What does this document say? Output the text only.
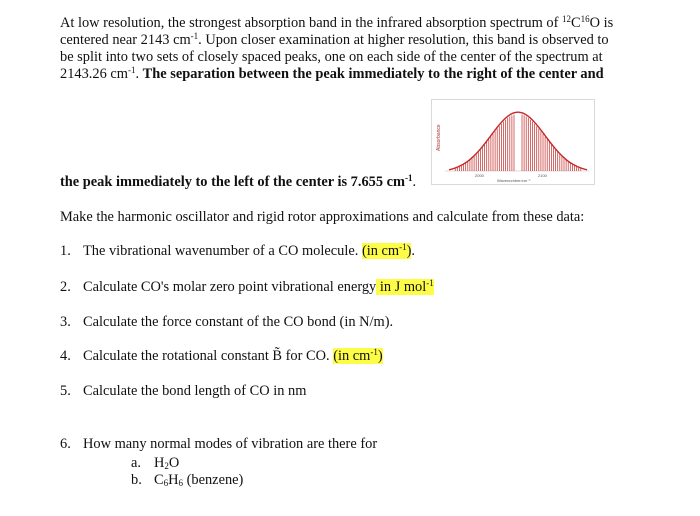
At low resolution, the strongest absorption band in the infrared absorption spectrum of $^{12}C^{16}O$ is
centered near 2143 $cm^{-1}$. Upon closer examination at higher resolution, this band is observed to
be split into two sets of closely spaced peaks, one on each side of the center of the spectrum at
2143.26 $cm^{-1}$. The separation between the peak immediately to the right of the center and
Absorbance
2000	2100
Wavenumber/cm⁻¹
the peak immediately to the left of the center is 7.655 $cm^{-1}$.
Make the harmonic oscillator and rigid rotor approximations and calculate from these data:
1. The vibrational wavenumber of a CO molecule. (in $cm^{-1}$).
2. Calculate CO's molar zero point vibrational energy in J mol$^{-1}$
3. Calculate the force constant of the CO bond (in N/m).
4. Calculate the rotational constant B for CO. (in $cm^{-1}$)
5. Calculate the bond length of CO in nm
6. How many normal modes of vibration are there for
a. $H_2O$
b. $C_6H_6$ (benzene)
